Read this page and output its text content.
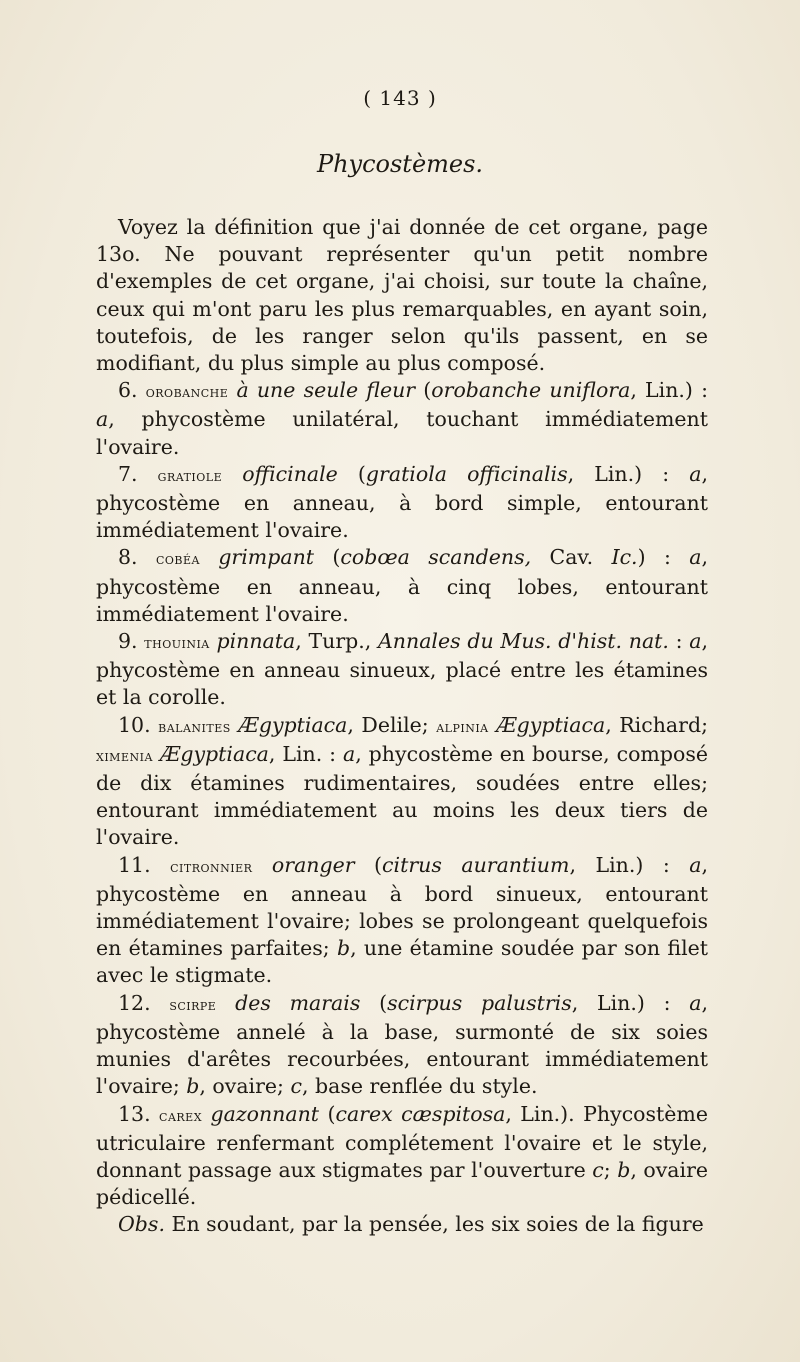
( 143 )
Phycostèmes.

Voyez la définition que j'ai donnée de cet organe, page 13o. Ne pouvant représenter qu'un petit nombre d'exemples de cet organe, j'ai choisi, sur toute la chaîne, ceux qui m'ont paru les plus remarquables, en ayant soin, toutefois, de les ranger selon qu'ils passent, en se modifiant, du plus simple au plus composé.

6. orobanche à une seule fleur (orobanche uniflora, Lin.) : a, phycostème unilatéral, touchant immédiatement l'ovaire.

7. gratiole officinale (gratiola officinalis, Lin.) : a, phycostème en anneau, à bord simple, entourant immédiatement l'ovaire.

8. cobéa grimpant (cobœa scandens, Cav. Ic.) : a, phycostème en anneau, à cinq lobes, entourant immédiatement l'ovaire.

9. thouinia pinnata, Turp., Annales du Mus. d'hist. nat. : a, phycostème en anneau sinueux, placé entre les étamines et la corolle.

10. balanites Ægyptiaca, Delile; alpinia Ægyptiaca, Richard; ximenia Ægyptiaca, Lin. : a, phycostème en bourse, composé de dix étamines rudimentaires, soudées entre elles; entourant immédiatement au moins les deux tiers de l'ovaire.

11. citronnier oranger (citrus aurantium, Lin.) : a, phycostème en anneau à bord sinueux, entourant immédiatement l'ovaire; lobes se prolongeant quelquefois en étamines parfaites; b, une étamine soudée par son filet avec le stigmate.

12. scirpe des marais (scirpus palustris, Lin.) : a, phycostème annelé à la base, surmonté de six soies munies d'arêtes recourbées, entourant immédiatement l'ovaire; b, ovaire; c, base renflée du style.

13. carex gazonnant (carex cæspitosa, Lin.). Phycostème utriculaire renfermant complétement l'ovaire et le style, donnant passage aux stigmates par l'ouverture c; b, ovaire pédicellé.

Obs. En soudant, par la pensée, les six soies de la figure
